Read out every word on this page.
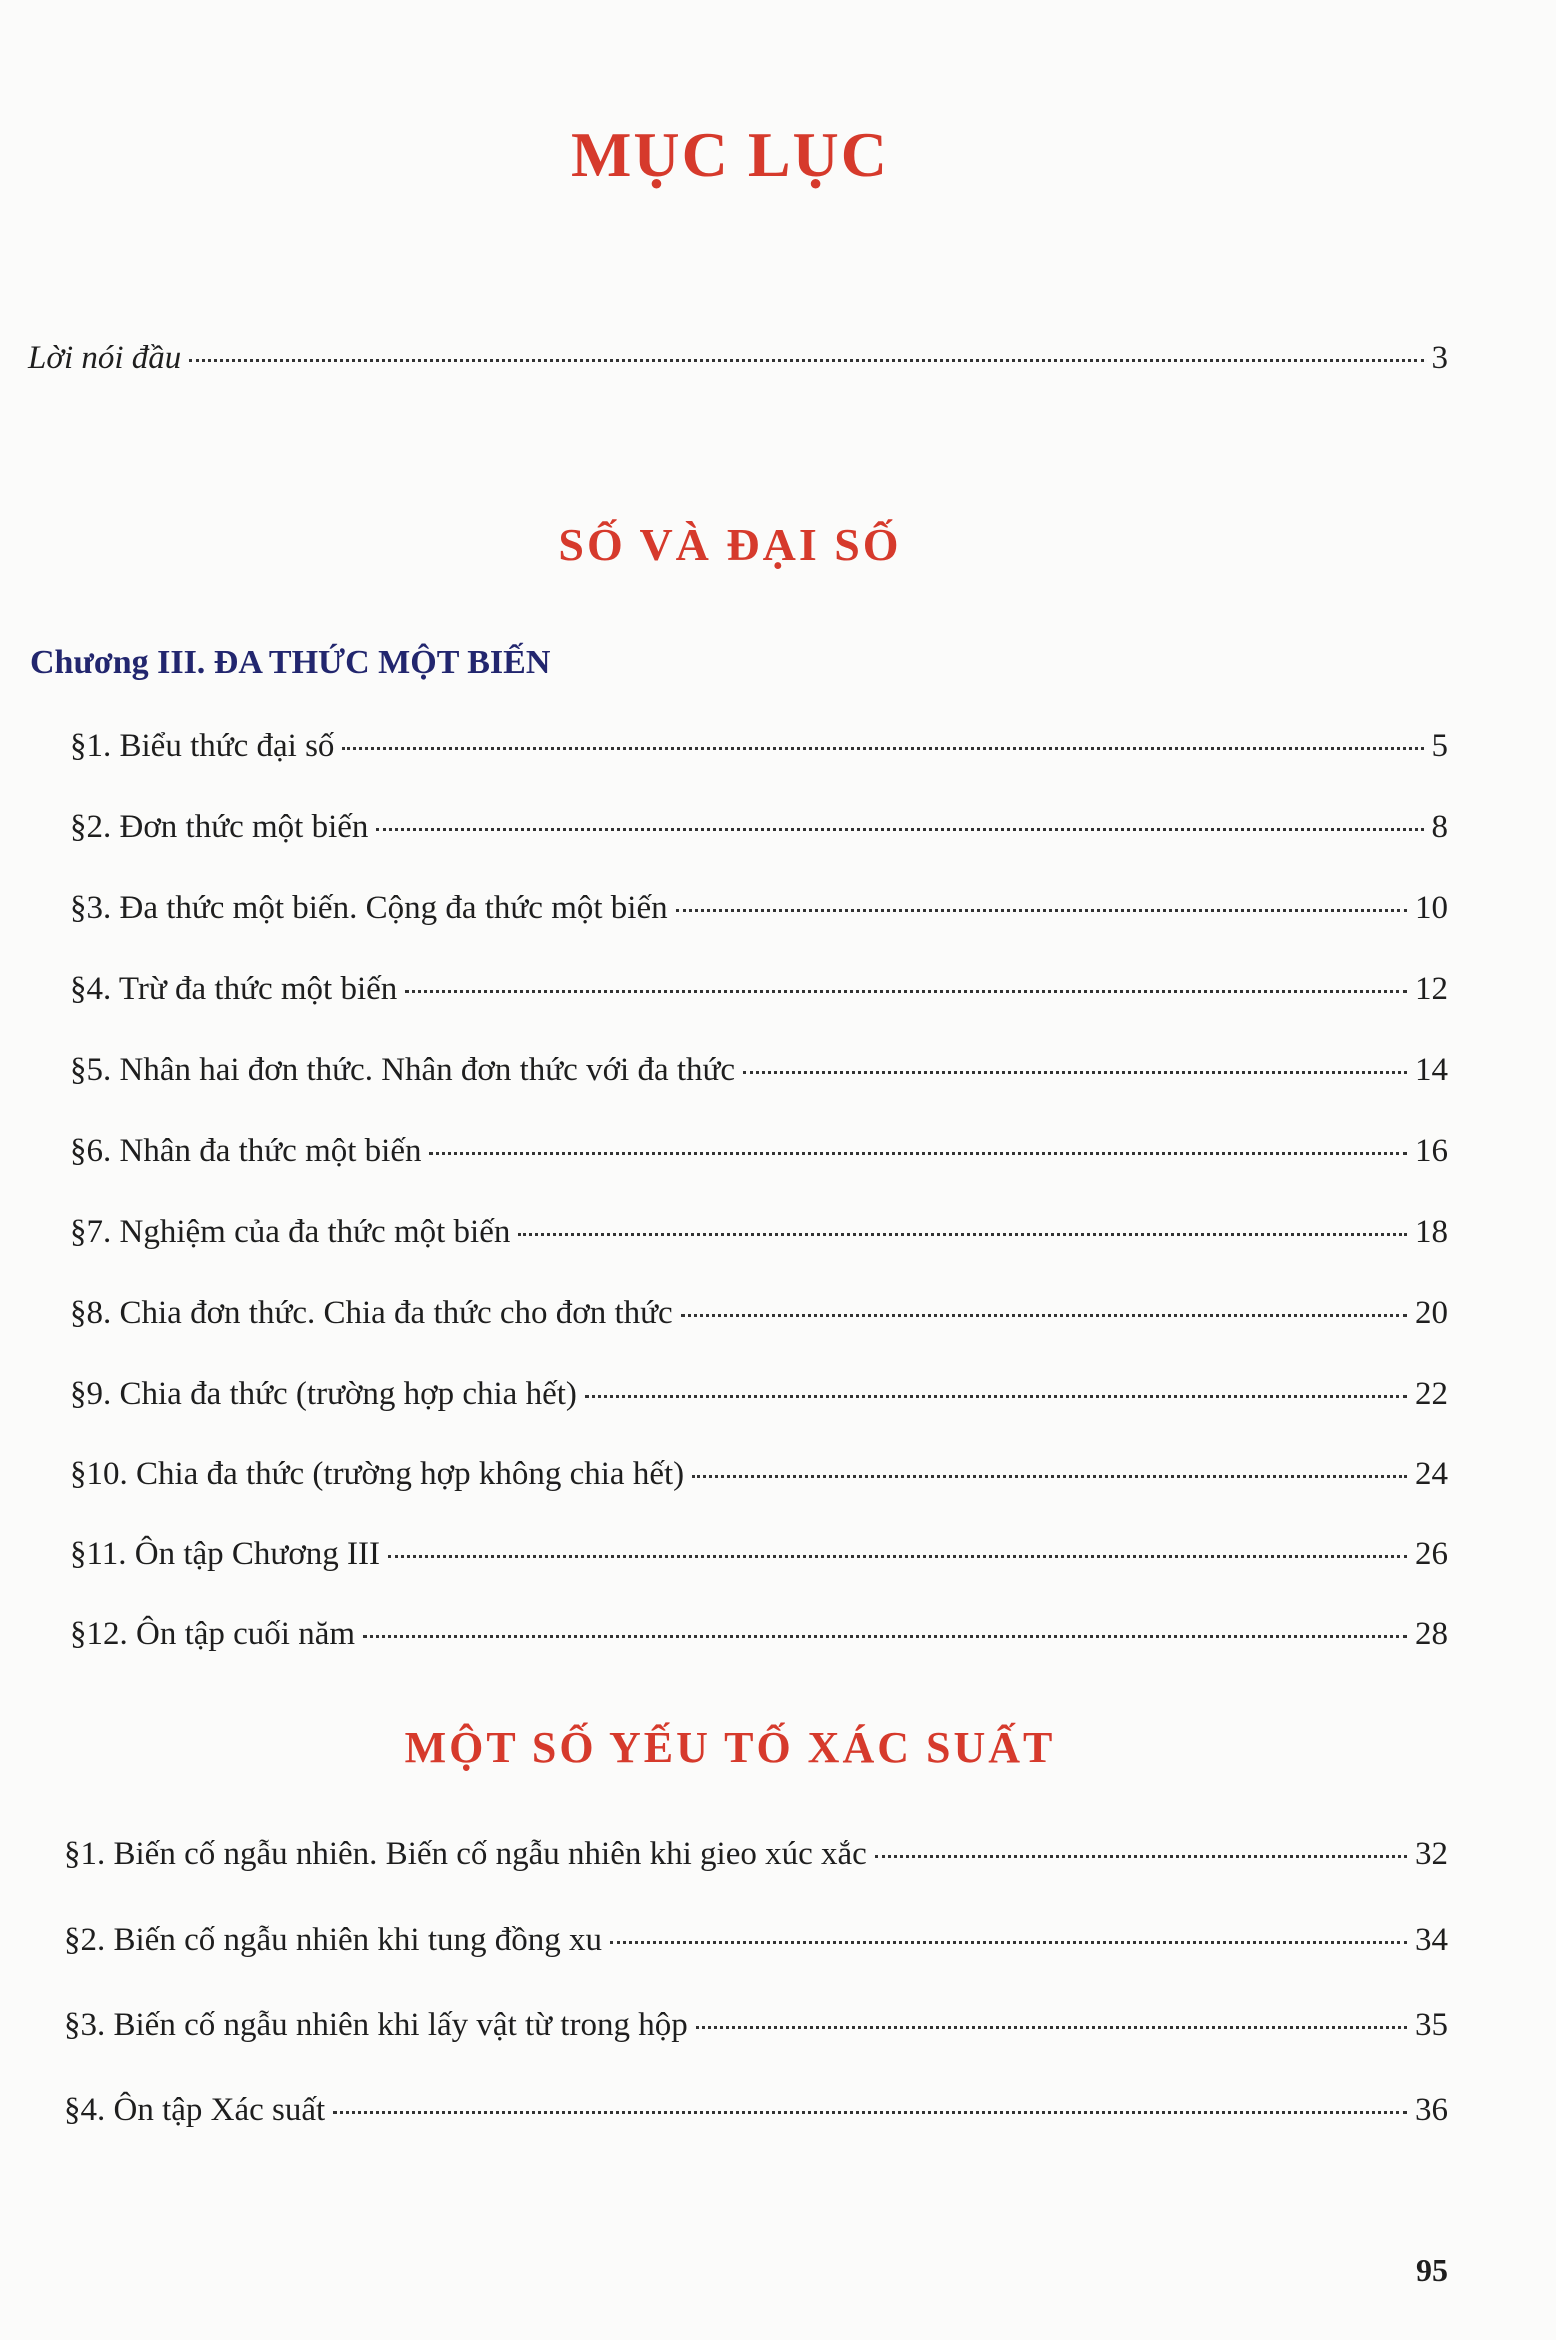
MỤC LỤC
Lời nói đầu	3
SỐ VÀ ĐẠI SỐ
Chương III. ĐA THỨC MỘT BIẾN
§1. Biểu thức đại số	5
§2. Đơn thức một biến	8
§3. Đa thức một biến. Cộng đa thức một biến	10
§4. Trừ đa thức một biến	12
§5. Nhân hai đơn thức. Nhân đơn thức với đa thức	14
§6. Nhân đa thức một biến	16
§7. Nghiệm của đa thức một biến	18
§8. Chia đơn thức. Chia đa thức cho đơn thức	20
§9. Chia đa thức (trường hợp chia hết)	22
§10. Chia đa thức (trường hợp không chia hết)	24
§11. Ôn tập Chương III	26
§12. Ôn tập cuối năm	28
MỘT SỐ YẾU TỐ XÁC SUẤT
§1. Biến cố ngẫu nhiên. Biến cố ngẫu nhiên khi gieo xúc xắc	32
§2. Biến cố ngẫu nhiên khi tung đồng xu	34
§3. Biến cố ngẫu nhiên khi lấy vật từ trong hộp	35
§4. Ôn tập Xác suất	36
95
